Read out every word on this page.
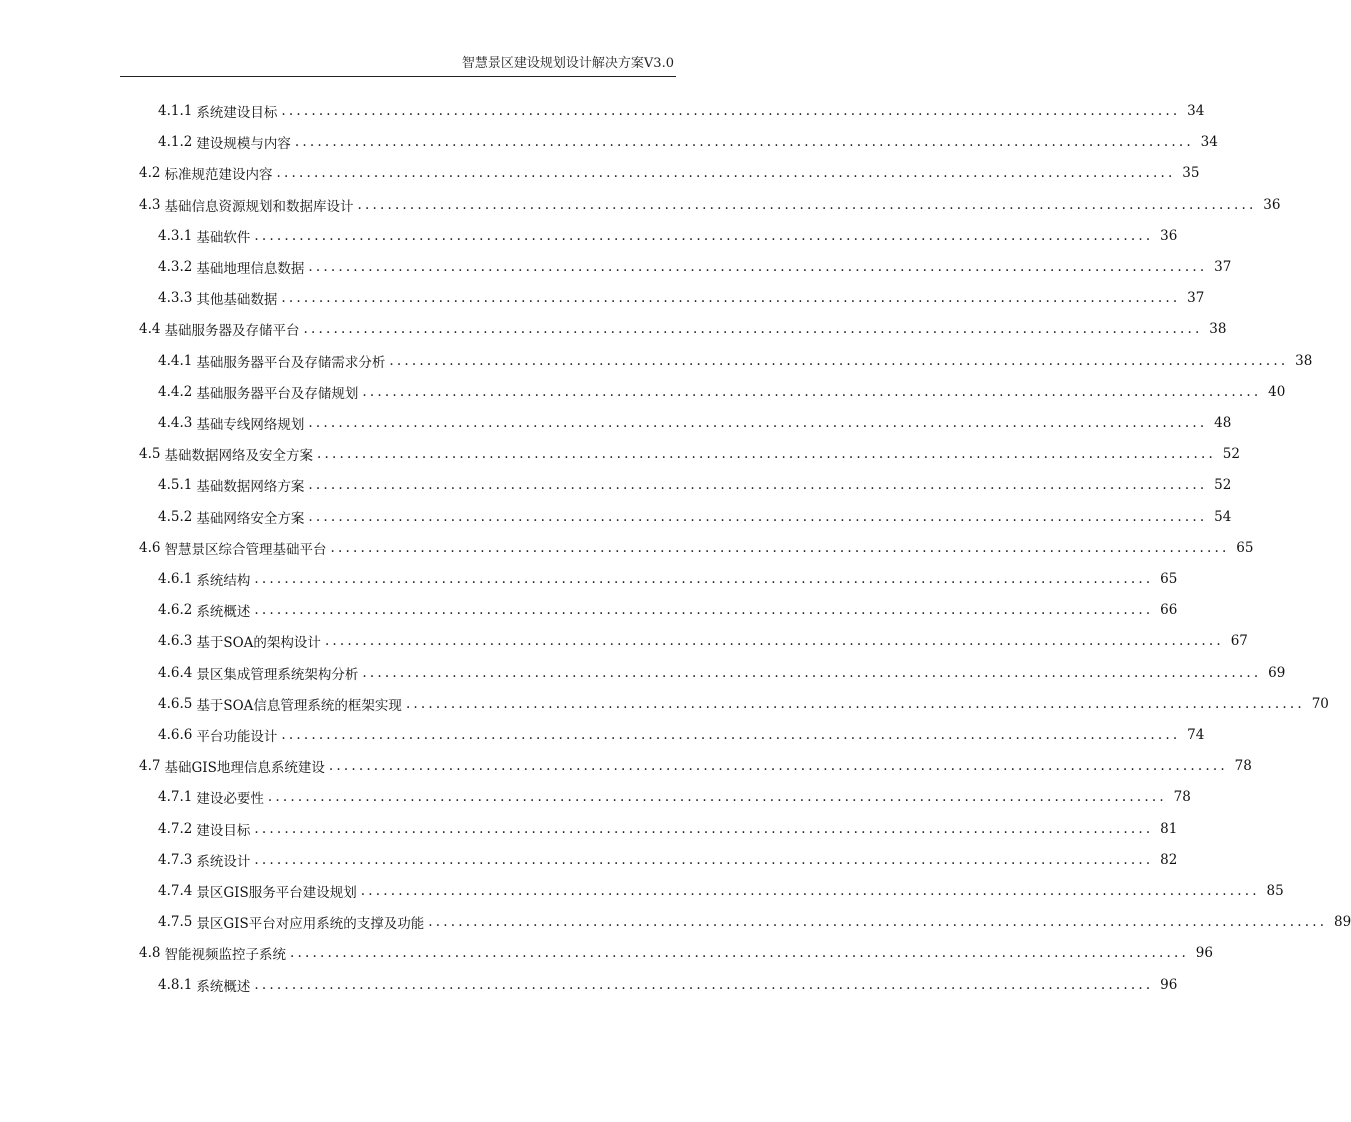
智慧景区建设规划设计解决方案V3.0
4.1.1 系统建设目标 ........................................................................................................................ 34
4.1.2 建设规模与内容 ........................................................................................................................ 34
4.2 标准规范建设内容 ........................................................................................................................ 35
4.3 基础信息资源规划和数据库设计 ........................................................................................................................ 36
4.3.1 基础软件 ........................................................................................................................ 36
4.3.2 基础地理信息数据 ........................................................................................................................ 37
4.3.3 其他基础数据 ........................................................................................................................ 37
4.4 基础服务器及存储平台 ........................................................................................................................ 38
4.4.1 基础服务器平台及存储需求分析 ........................................................................................................................ 38
4.4.2 基础服务器平台及存储规划 ........................................................................................................................ 40
4.4.3 基础专线网络规划 ........................................................................................................................ 48
4.5 基础数据网络及安全方案 ........................................................................................................................ 52
4.5.1 基础数据网络方案 ........................................................................................................................ 52
4.5.2 基础网络安全方案 ........................................................................................................................ 54
4.6 智慧景区综合管理基础平台 ........................................................................................................................ 65
4.6.1 系统结构 ........................................................................................................................ 65
4.6.2 系统概述 ........................................................................................................................ 66
4.6.3 基于SOA的架构设计 ........................................................................................................................ 67
4.6.4 景区集成管理系统架构分析 ........................................................................................................................ 69
4.6.5 基于SOA信息管理系统的框架实现 ........................................................................................................................ 70
4.6.6 平台功能设计 ........................................................................................................................ 74
4.7 基础GIS地理信息系统建设 ........................................................................................................................ 78
4.7.1 建设必要性 ........................................................................................................................ 78
4.7.2 建设目标 ........................................................................................................................ 81
4.7.3 系统设计 ........................................................................................................................ 82
4.7.4 景区GIS服务平台建设规划 ........................................................................................................................ 85
4.7.5 景区GIS平台对应用系统的支撑及功能 ........................................................................................................................ 89
4.8 智能视频监控子系统 ........................................................................................................................ 96
4.8.1 系统概述 ........................................................................................................................ 96
